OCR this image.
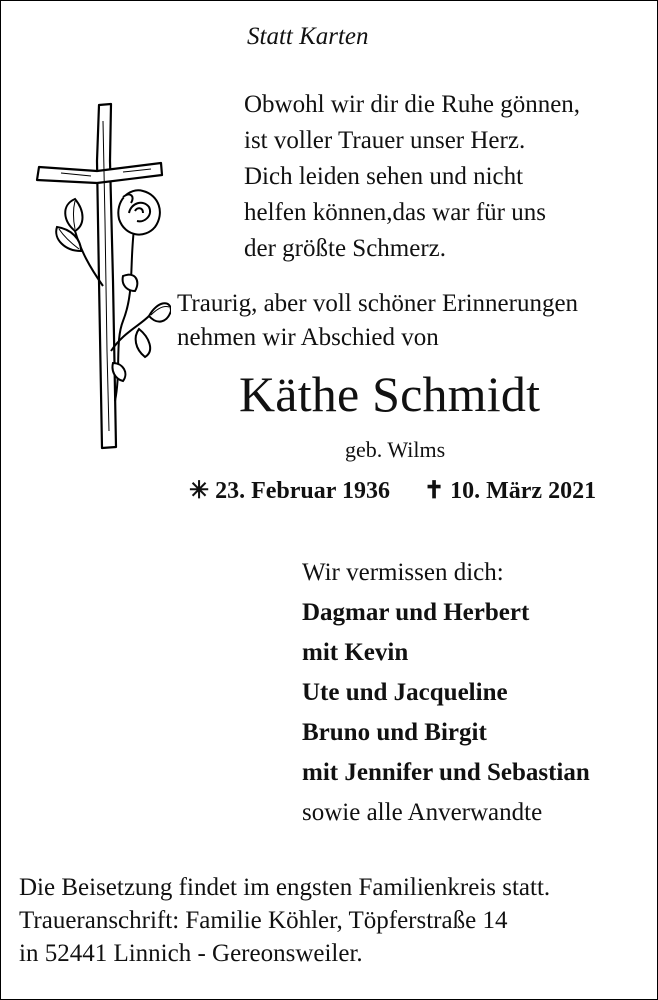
Statt Karten

Obwohl wir dir die Ruhe gönnen,
ist voller Trauer unser Herz.
Dich leiden sehen und nicht
helfen können,das war für uns
der größte Schmerz.
Traurig, aber voll schöner Erinnerungen
nehmen wir Abschied von
Käthe Schmidt
geb. Wilms
✳ 23. Februar 1936 ✝ 10. März 2021
Wir vermissen dich:
Dagmar und Herbert
mit Kevin
Ute und Jacqueline
Bruno und Birgit
mit Jennifer und Sebastian
sowie alle Anverwandte
Die Beisetzung findet im engsten Familienkreis statt.
Traueranschrift: Familie Köhler, Töpferstraße 14
in 52441 Linnich - Gereonsweiler.
